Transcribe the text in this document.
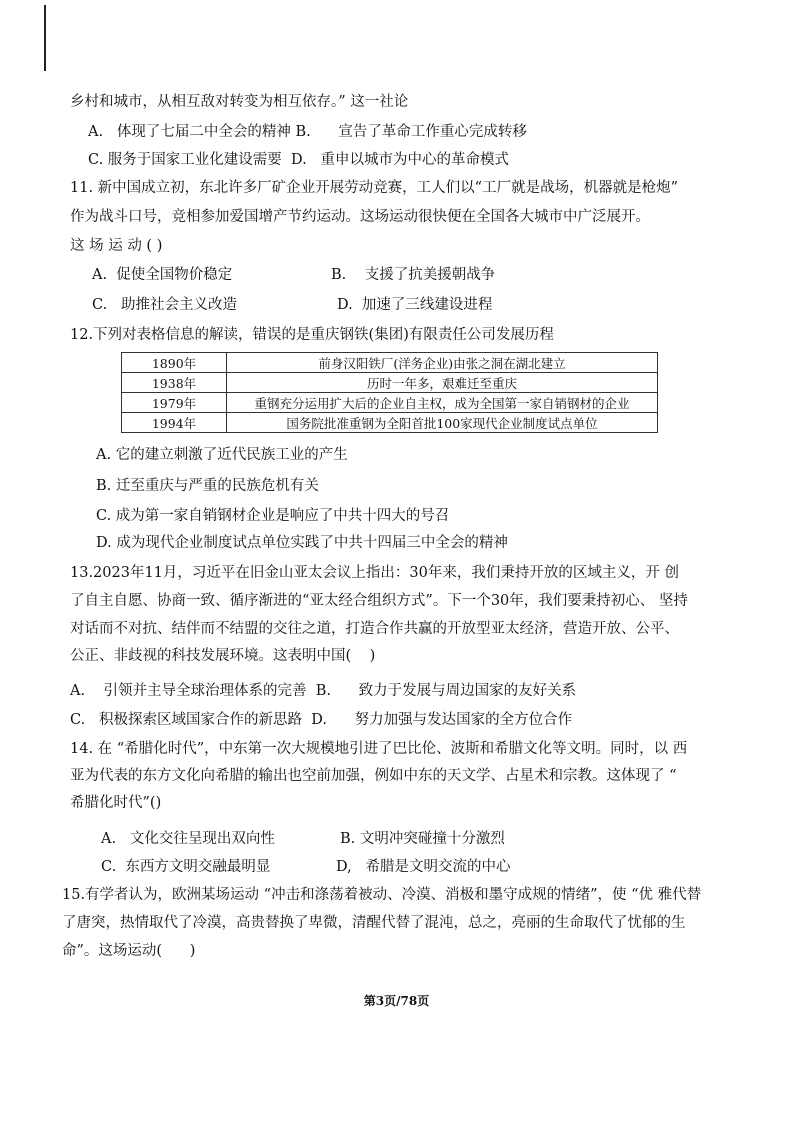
乡村和城市，从相互敌对转变为相互依存。” 这一社论
A.   体现了七届二中全会的精神 B.      宣告了革命工作重心完成转移
C. 服务于国家工业化建设需要  D.   重申以城市为中心的革命模式
11. 新中国成立初，东北许多厂矿企业开展劳动竞赛，工人们以“工厂就是战场，机器就是枪炮”
作为战斗口号，竞相参加爱国增产节约运动。这场运动很快便在全国各大城市中广泛展开。
这 场 运 动 ( )
A.  促使全国物价稳定	B.    支援了抗美援朝战争
C.   助推社会主义改造	D.  加速了三线建设进程
12.下列对表格信息的解读，错误的是重庆钢铁(集团)有限责任公司发展历程
1890年	前身汉阳铁厂(洋务企业)由张之洞在湖北建立
1938年	历时一年多，艰难迁至重庆
1979年	重钢充分运用扩大后的企业自主权，成为全国第一家自销钢材的企业
1994年	国务院批准重钢为全阳首批100家现代企业制度试点单位
A. 它的建立刺激了近代民族工业的产生
B. 迁至重庆与严重的民族危机有关
C. 成为第一家自销钢材企业是响应了中共十四大的号召
D. 成为现代企业制度试点单位实践了中共十四届三中全会的精神
13.2023年11月，习近平在旧金山亚太会议上指出：30年来，我们秉持开放的区域主义，开 创
了自主自愿、协商一致、循序渐进的“亚太经合组织方式”。下一个30年，我们要秉持初心、 坚持
对话而不对抗、结伴而不结盟的交往之道，打造合作共赢的开放型亚太经济，营造开放、公平、
公正、非歧视的科技发展环境。这表明中国(    )
A.    引领并主导全球治理体系的完善  B.      致力于发展与周边国家的友好关系
C.   积极探索区域国家合作的新思路  D.      努力加强与发达国家的全方位合作
14. 在 “希腊化时代”，中东第一次大规模地引进了巴比伦、波斯和希腊文化等文明。同时，以 西
亚为代表的东方文化向希腊的输出也空前加强，例如中东的天文学、占星术和宗教。这体现了 “
希腊化时代”()
A.   文化交往呈现出双向性	B. 文明冲突碰撞十分激烈
C.  东西方文明交融最明显	D,   希腊是文明交流的中心
15.有学者认为，欧洲某场运动 “冲击和涤荡着被动、冷漠、消极和墨守成规的情绪”，使 “优 雅代替
了唐突，热情取代了冷漠，高贵替换了卑微，清醒代替了混沌，总之，亮丽的生命取代了忧郁的生
命”。这场运动(      )
第3页/78页
